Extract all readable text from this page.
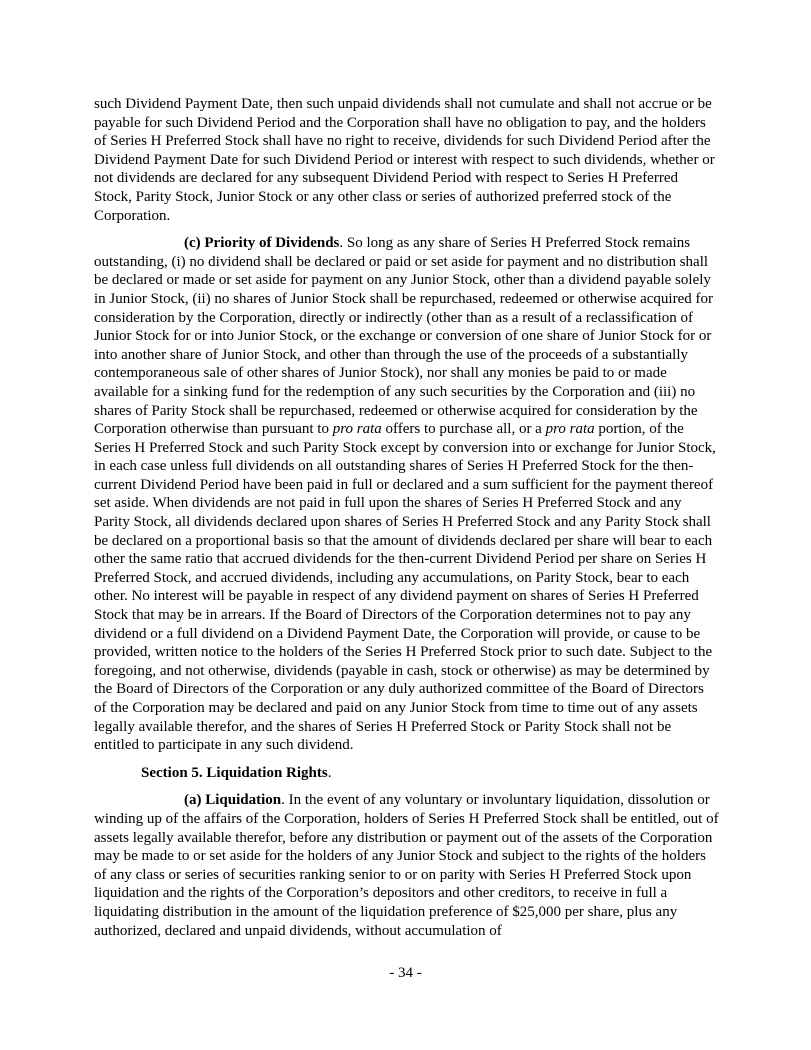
such Dividend Payment Date, then such unpaid dividends shall not cumulate and shall not accrue or be payable for such Dividend Period and the Corporation shall have no obligation to pay, and the holders of Series H Preferred Stock shall have no right to receive, dividends for such Dividend Period after the Dividend Payment Date for such Dividend Period or interest with respect to such dividends, whether or not dividends are declared for any subsequent Dividend Period with respect to Series H Preferred Stock, Parity Stock, Junior Stock or any other class or series of authorized preferred stock of the Corporation.

(c) Priority of Dividends. So long as any share of Series H Preferred Stock remains outstanding, (i) no dividend shall be declared or paid or set aside for payment and no distribution shall be declared or made or set aside for payment on any Junior Stock, other than a dividend payable solely in Junior Stock, (ii) no shares of Junior Stock shall be repurchased, redeemed or otherwise acquired for consideration by the Corporation, directly or indirectly (other than as a result of a reclassification of Junior Stock for or into Junior Stock, or the exchange or conversion of one share of Junior Stock for or into another share of Junior Stock, and other than through the use of the proceeds of a substantially contemporaneous sale of other shares of Junior Stock), nor shall any monies be paid to or made available for a sinking fund for the redemption of any such securities by the Corporation and (iii) no shares of Parity Stock shall be repurchased, redeemed or otherwise acquired for consideration by the Corporation otherwise than pursuant to pro rata offers to purchase all, or a pro rata portion, of the Series H Preferred Stock and such Parity Stock except by conversion into or exchange for Junior Stock, in each case unless full dividends on all outstanding shares of Series H Preferred Stock for the then-current Dividend Period have been paid in full or declared and a sum sufficient for the payment thereof set aside. When dividends are not paid in full upon the shares of Series H Preferred Stock and any Parity Stock, all dividends declared upon shares of Series H Preferred Stock and any Parity Stock shall be declared on a proportional basis so that the amount of dividends declared per share will bear to each other the same ratio that accrued dividends for the then-current Dividend Period per share on Series H Preferred Stock, and accrued dividends, including any accumulations, on Parity Stock, bear to each other. No interest will be payable in respect of any dividend payment on shares of Series H Preferred Stock that may be in arrears. If the Board of Directors of the Corporation determines not to pay any dividend or a full dividend on a Dividend Payment Date, the Corporation will provide, or cause to be provided, written notice to the holders of the Series H Preferred Stock prior to such date. Subject to the foregoing, and not otherwise, dividends (payable in cash, stock or otherwise) as may be determined by the Board of Directors of the Corporation or any duly authorized committee of the Board of Directors of the Corporation may be declared and paid on any Junior Stock from time to time out of any assets legally available therefor, and the shares of Series H Preferred Stock or Parity Stock shall not be entitled to participate in any such dividend.

Section 5. Liquidation Rights.

(a) Liquidation. In the event of any voluntary or involuntary liquidation, dissolution or winding up of the affairs of the Corporation, holders of Series H Preferred Stock shall be entitled, out of assets legally available therefor, before any distribution or payment out of the assets of the Corporation may be made to or set aside for the holders of any Junior Stock and subject to the rights of the holders of any class or series of securities ranking senior to or on parity with Series H Preferred Stock upon liquidation and the rights of the Corporation’s depositors and other creditors, to receive in full a liquidating distribution in the amount of the liquidation preference of $25,000 per share, plus any authorized, declared and unpaid dividends, without accumulation of

- 34 -
